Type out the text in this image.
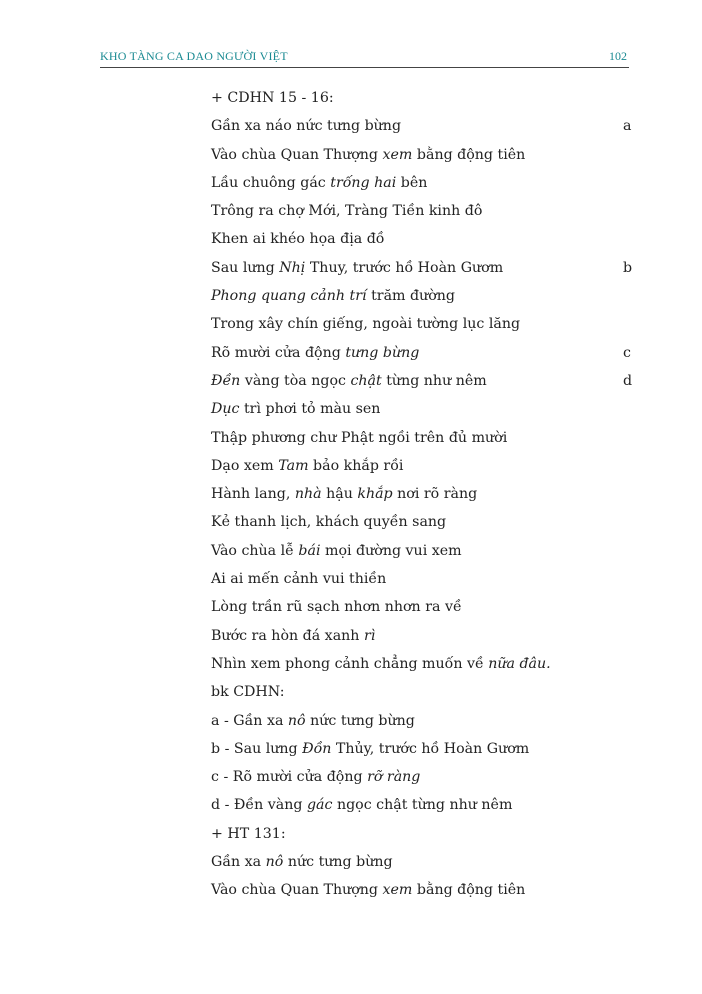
KHO TÀNG CA DAO NGƯỜI VIỆT	102
+ CDHN 15 - 16:
Gần xa náo nức tưng bừng	a
Vào chùa Quan Thượng xem bằng động tiên
Lầu chuông gác trống hai bên
Trông ra chợ Mới, Tràng Tiền kinh đô
Khen ai khéo họa địa đồ
Sau lưng Nhị Thuy, trước hồ Hoàn Gươm	b
Phong quang cảnh trí trăm đường
Trong xây chín giếng, ngoài tường lục lăng
Rõ mười cửa động tưng bừng	c
Đền vàng tòa ngọc chật từng như nêm	d
Dục trì phơi tỏ màu sen
Thập phương chư Phật ngồi trên đủ mười
Dạo xem Tam bảo khắp rồi
Hành lang, nhà hậu khắp nơi rõ ràng
Kẻ thanh lịch, khách quyền sang
Vào chùa lễ bái mọi đường vui xem
Ai ai mến cảnh vui thiền
Lòng trần rũ sạch nhơn nhơn ra về
Bước ra hòn đá xanh rì
Nhìn xem phong cảnh chẳng muốn về nữa đâu.
bk CDHN:
a - Gần xa nô nức tưng bừng
b - Sau lưng Đồn Thủy, trước hồ Hoàn Gươm
c - Rõ mười cửa động rỡ ràng
d - Đền vàng gác ngọc chật từng như nêm
+ HT 131:
Gần xa nô nức tưng bừng
Vào chùa Quan Thượng xem bằng động tiên
